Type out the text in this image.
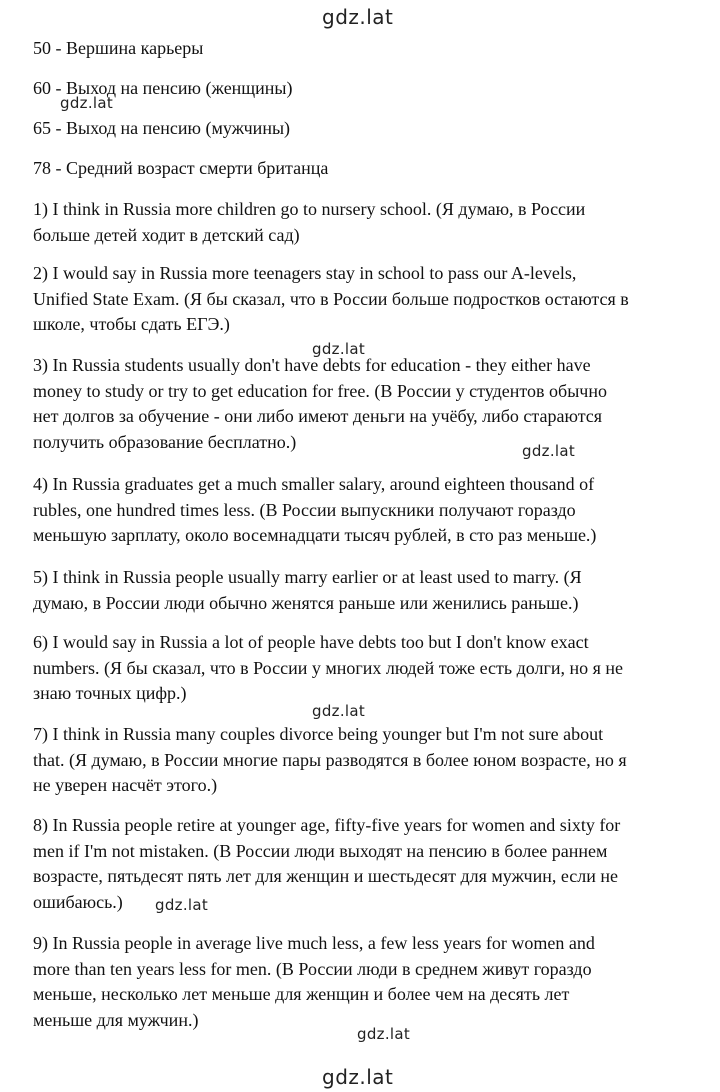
gdz.lat
gdz.lat
gdz.lat
gdz.lat
gdz.lat
gdz.lat
gdz.lat
gdz.lat
50 - Вершина карьеры
60 - Выход на пенсию (женщины)
65 - Выход на пенсию (мужчины)
78 - Средний возраст смерти британца
1) I think in Russia more children go to nursery school. (Я думаю, в России
больше детей ходит в детский сад)
2) I would say in Russia more teenagers stay in school to pass our A-levels,
Unified State Exam. (Я бы сказал, что в России больше подростков остаются в
школе, чтобы сдать ЕГЭ.)
3) In Russia students usually don't have debts for education - they either have
money to study or try to get education for free. (В России у студентов обычно
нет долгов за обучение - они либо имеют деньги на учёбу, либо стараются
получить образование бесплатно.)
4) In Russia graduates get a much smaller salary, around eighteen thousand of
rubles, one hundred times less. (В России выпускники получают гораздо
меньшую зарплату, около восемнадцати тысяч рублей, в сто раз меньше.)
5) I think in Russia people usually marry earlier or at least used to marry. (Я
думаю, в России люди обычно женятся раньше или женились раньше.)
6) I would say in Russia a lot of people have debts too but I don't know exact
numbers. (Я бы сказал, что в России у многих людей тоже есть долги, но я не
знаю точных цифр.)
7) I think in Russia many couples divorce being younger but I'm not sure about
that. (Я думаю, в России многие пары разводятся в более юном возрасте, но я
не уверен насчёт этого.)
8) In Russia people retire at younger age, fifty-five years for women and sixty for
men if I'm not mistaken. (В России люди выходят на пенсию в более раннем
возрасте, пятьдесят пять лет для женщин и шестьдесят для мужчин, если не
ошибаюсь.)
9) In Russia people in average live much less, a few less years for women and
more than ten years less for men. (В России люди в среднем живут гораздо
меньше, несколько лет меньше для женщин и более чем на десять лет
меньше для мужчин.)
